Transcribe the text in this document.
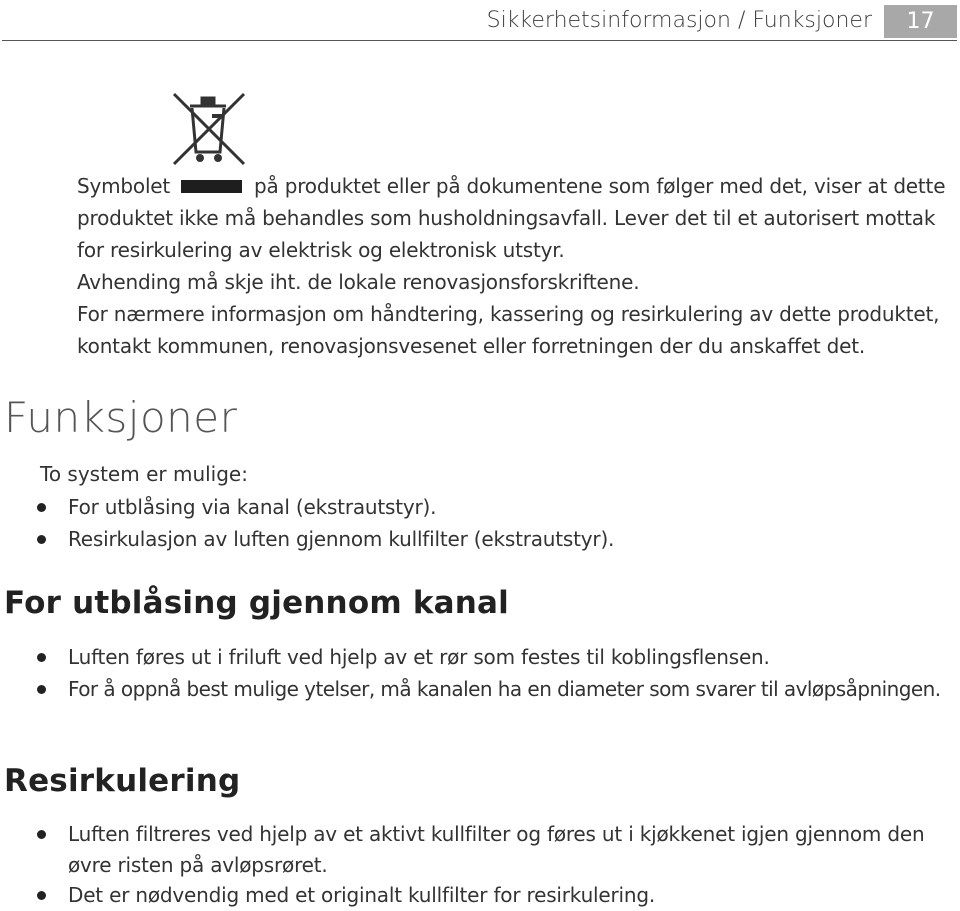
Sikkerhetsinformasjon / Funksjoner	17
Symbolet	på produktet eller på dokumentene som følger med det, viser at dette
produktet ikke må behandles som husholdningsavfall. Lever det til et autorisert mottak
for resirkulering av elektrisk og elektronisk utstyr.
Avhending må skje iht. de lokale renovasjonsforskriftene.
For nærmere informasjon om håndtering, kassering og resirkulering av dette produktet,
kontakt kommunen, renovasjonsvesenet eller forretningen der du anskaffet det.
Funksjoner
To system er mulige:
For utblåsing via kanal (ekstrautstyr).
Resirkulasjon av luften gjennom kullfilter (ekstrautstyr).
For utblåsing gjennom kanal
Luften føres ut i friluft ved hjelp av et rør som festes til koblingsflensen.
For å oppnå best mulige ytelser, må kanalen ha en diameter som svarer til avløpsåpningen.
Resirkulering
Luften filtreres ved hjelp av et aktivt kullfilter og føres ut i kjøkkenet igjen gjennom den
øvre risten på avløpsrøret.
Det er nødvendig med et originalt kullfilter for resirkulering.
